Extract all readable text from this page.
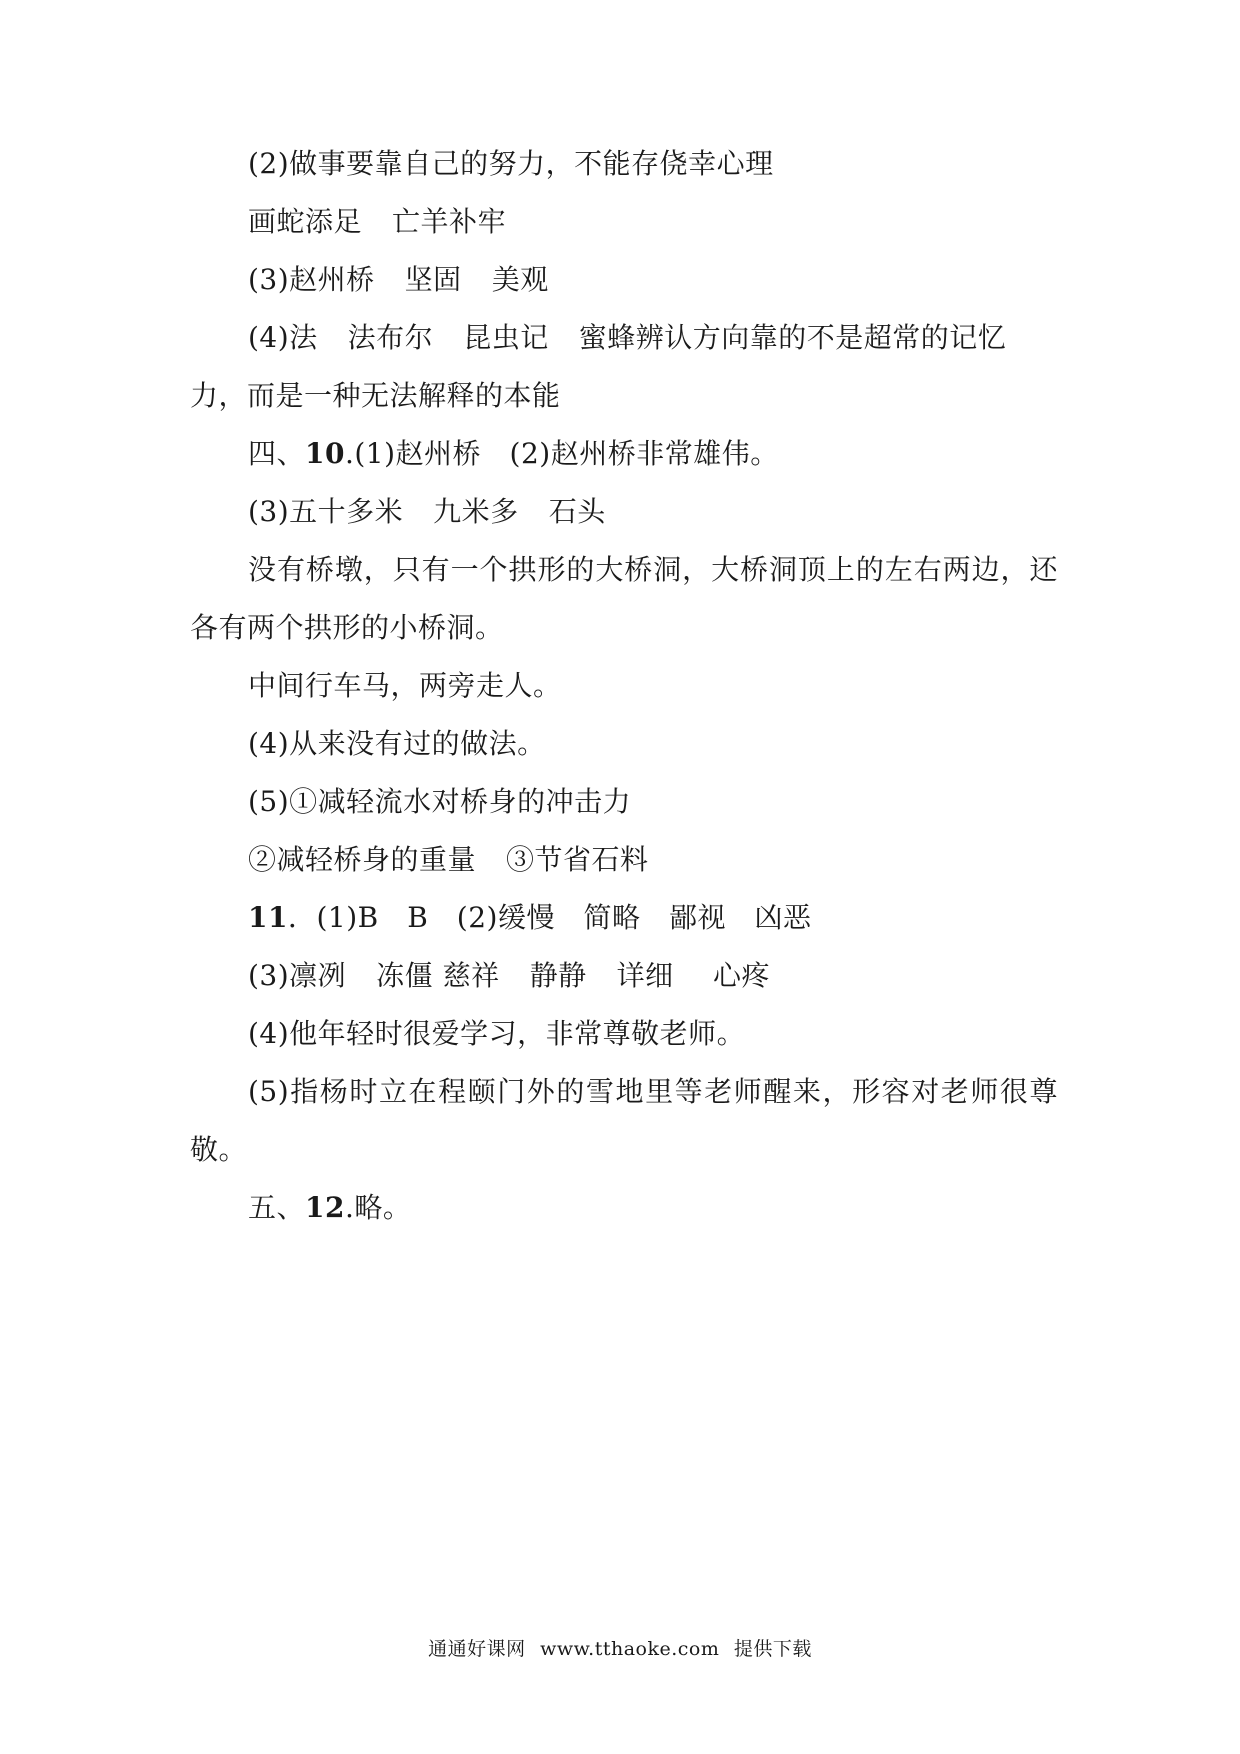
(2)做事要靠自己的努力，不能存侥幸心理
画蛇添足 亡羊补牢
(3)赵州桥 坚固 美观
(4)法 法布尔 昆虫记 蜜蜂辨认方向靠的不是超常的记忆
力，而是一种无法解释的本能
四、10.(1)赵州桥　(2)赵州桥非常雄伟。
(3)五十多米 九米多 石头
没有桥墩，只有一个拱形的大桥洞，大桥洞顶上的左右两边，还
各有两个拱形的小桥洞。
中间行车马，两旁走人。
(4)从来没有过的做法。
(5)①减轻流水对桥身的冲击力
②减轻桥身的重量 ③节省石料
11．(1)B　B　(2)缓慢　简略　鄙视　凶恶
(3)凛冽 冻僵 慈祥 静静 详细 心疼
(4)他年轻时很爱学习，非常尊敬老师。
(5)指杨时立在程颐门外的雪地里等老师醒来，形容对老师很尊
敬。
五、12.略。
通通好课网 www.tthaoke.com 提供下载
